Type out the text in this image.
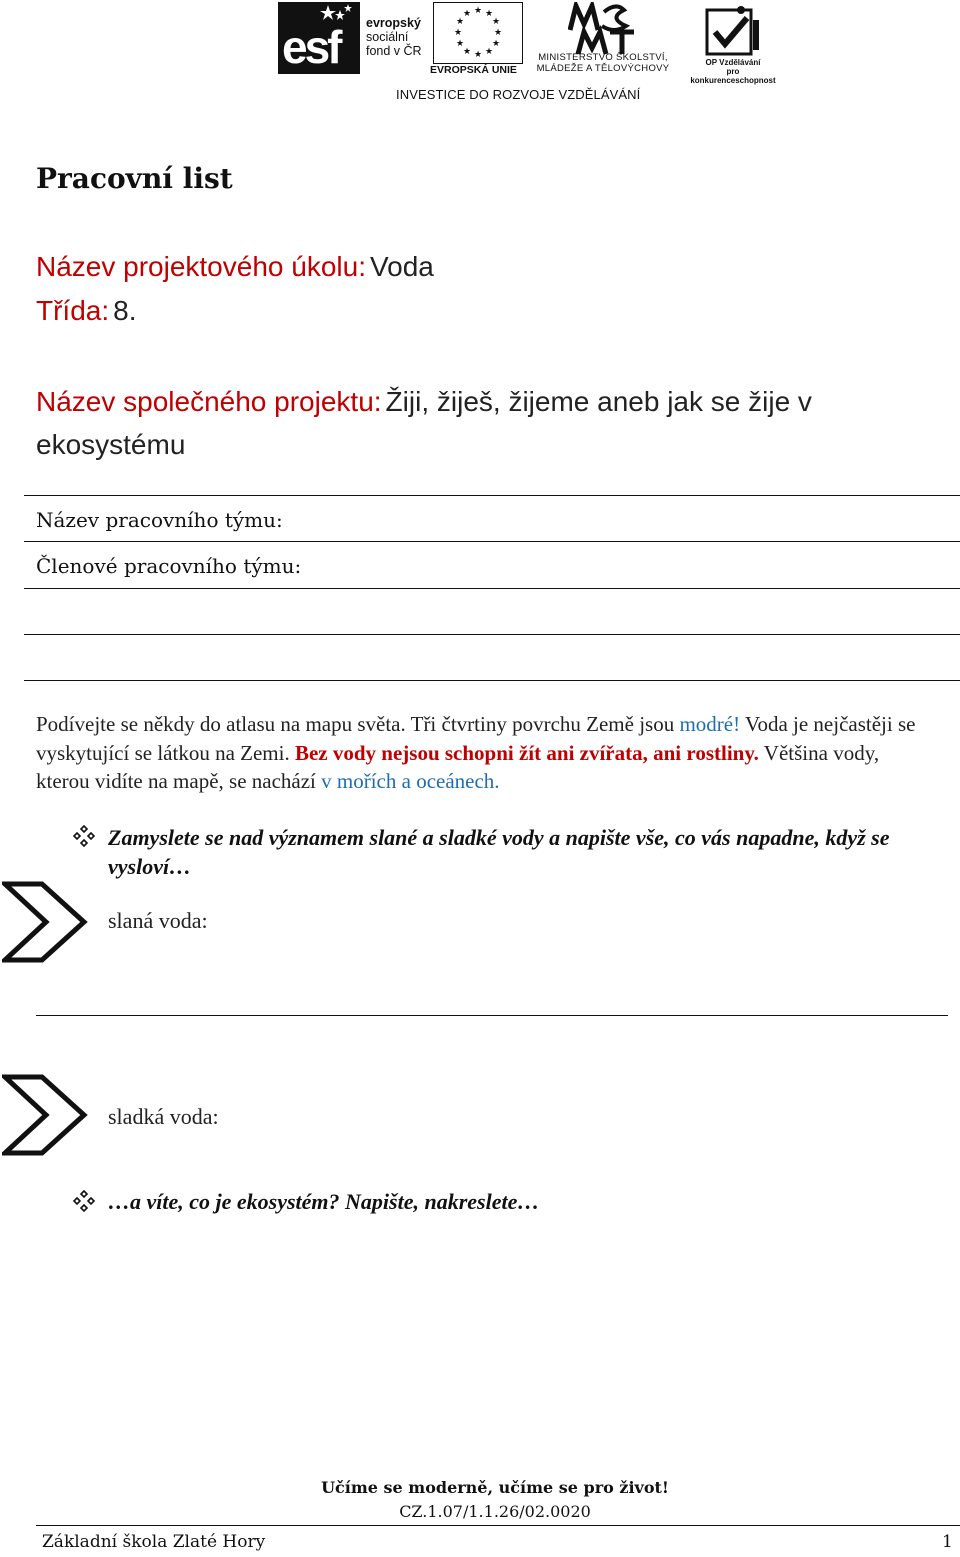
esf evropský
sociální
fond v ČR
★ ★
★
★
★
★
★
★
★
★
★
★
EVROPSKÁ UNIE
MINISTERSTVO ŠKOLSTVÍ,
MLÁDEŽE A TĚLOVÝCHOVY
OP Vzdělávání
pro konkurenceschopnost
INVESTICE DO ROZVOJE VZDĚLÁVÁNÍ
Pracovní list
Název projektového úkolu: Voda
Třída: 8.
Název společného projektu: Žiji, žiješ, žijeme aneb jak se žije v ekosystému
Název pracovního týmu:
Členové pracovního týmu:
Podívejte se někdy do atlasu na mapu světa. Tři čtvrtiny povrchu Země jsou modré! Voda je nejčastěji se vyskytující se látkou na Zemi. Bez vody nejsou schopni žít ani zvířata, ani rostliny. Většina vody, kterou vidíte na mapě, se nachází v mořích a oceánech.
Zamyslete se nad významem slané a sladké vody a napište vše, co vás napadne, když se vysloví…
slaná voda:
sladká voda:
…a víte, co je ekosystém? Napište, nakreslete…
Učíme se moderně, učíme se pro život!
CZ.1.07/1.1.26/02.0020
Základní škola Zlaté Hory	1
